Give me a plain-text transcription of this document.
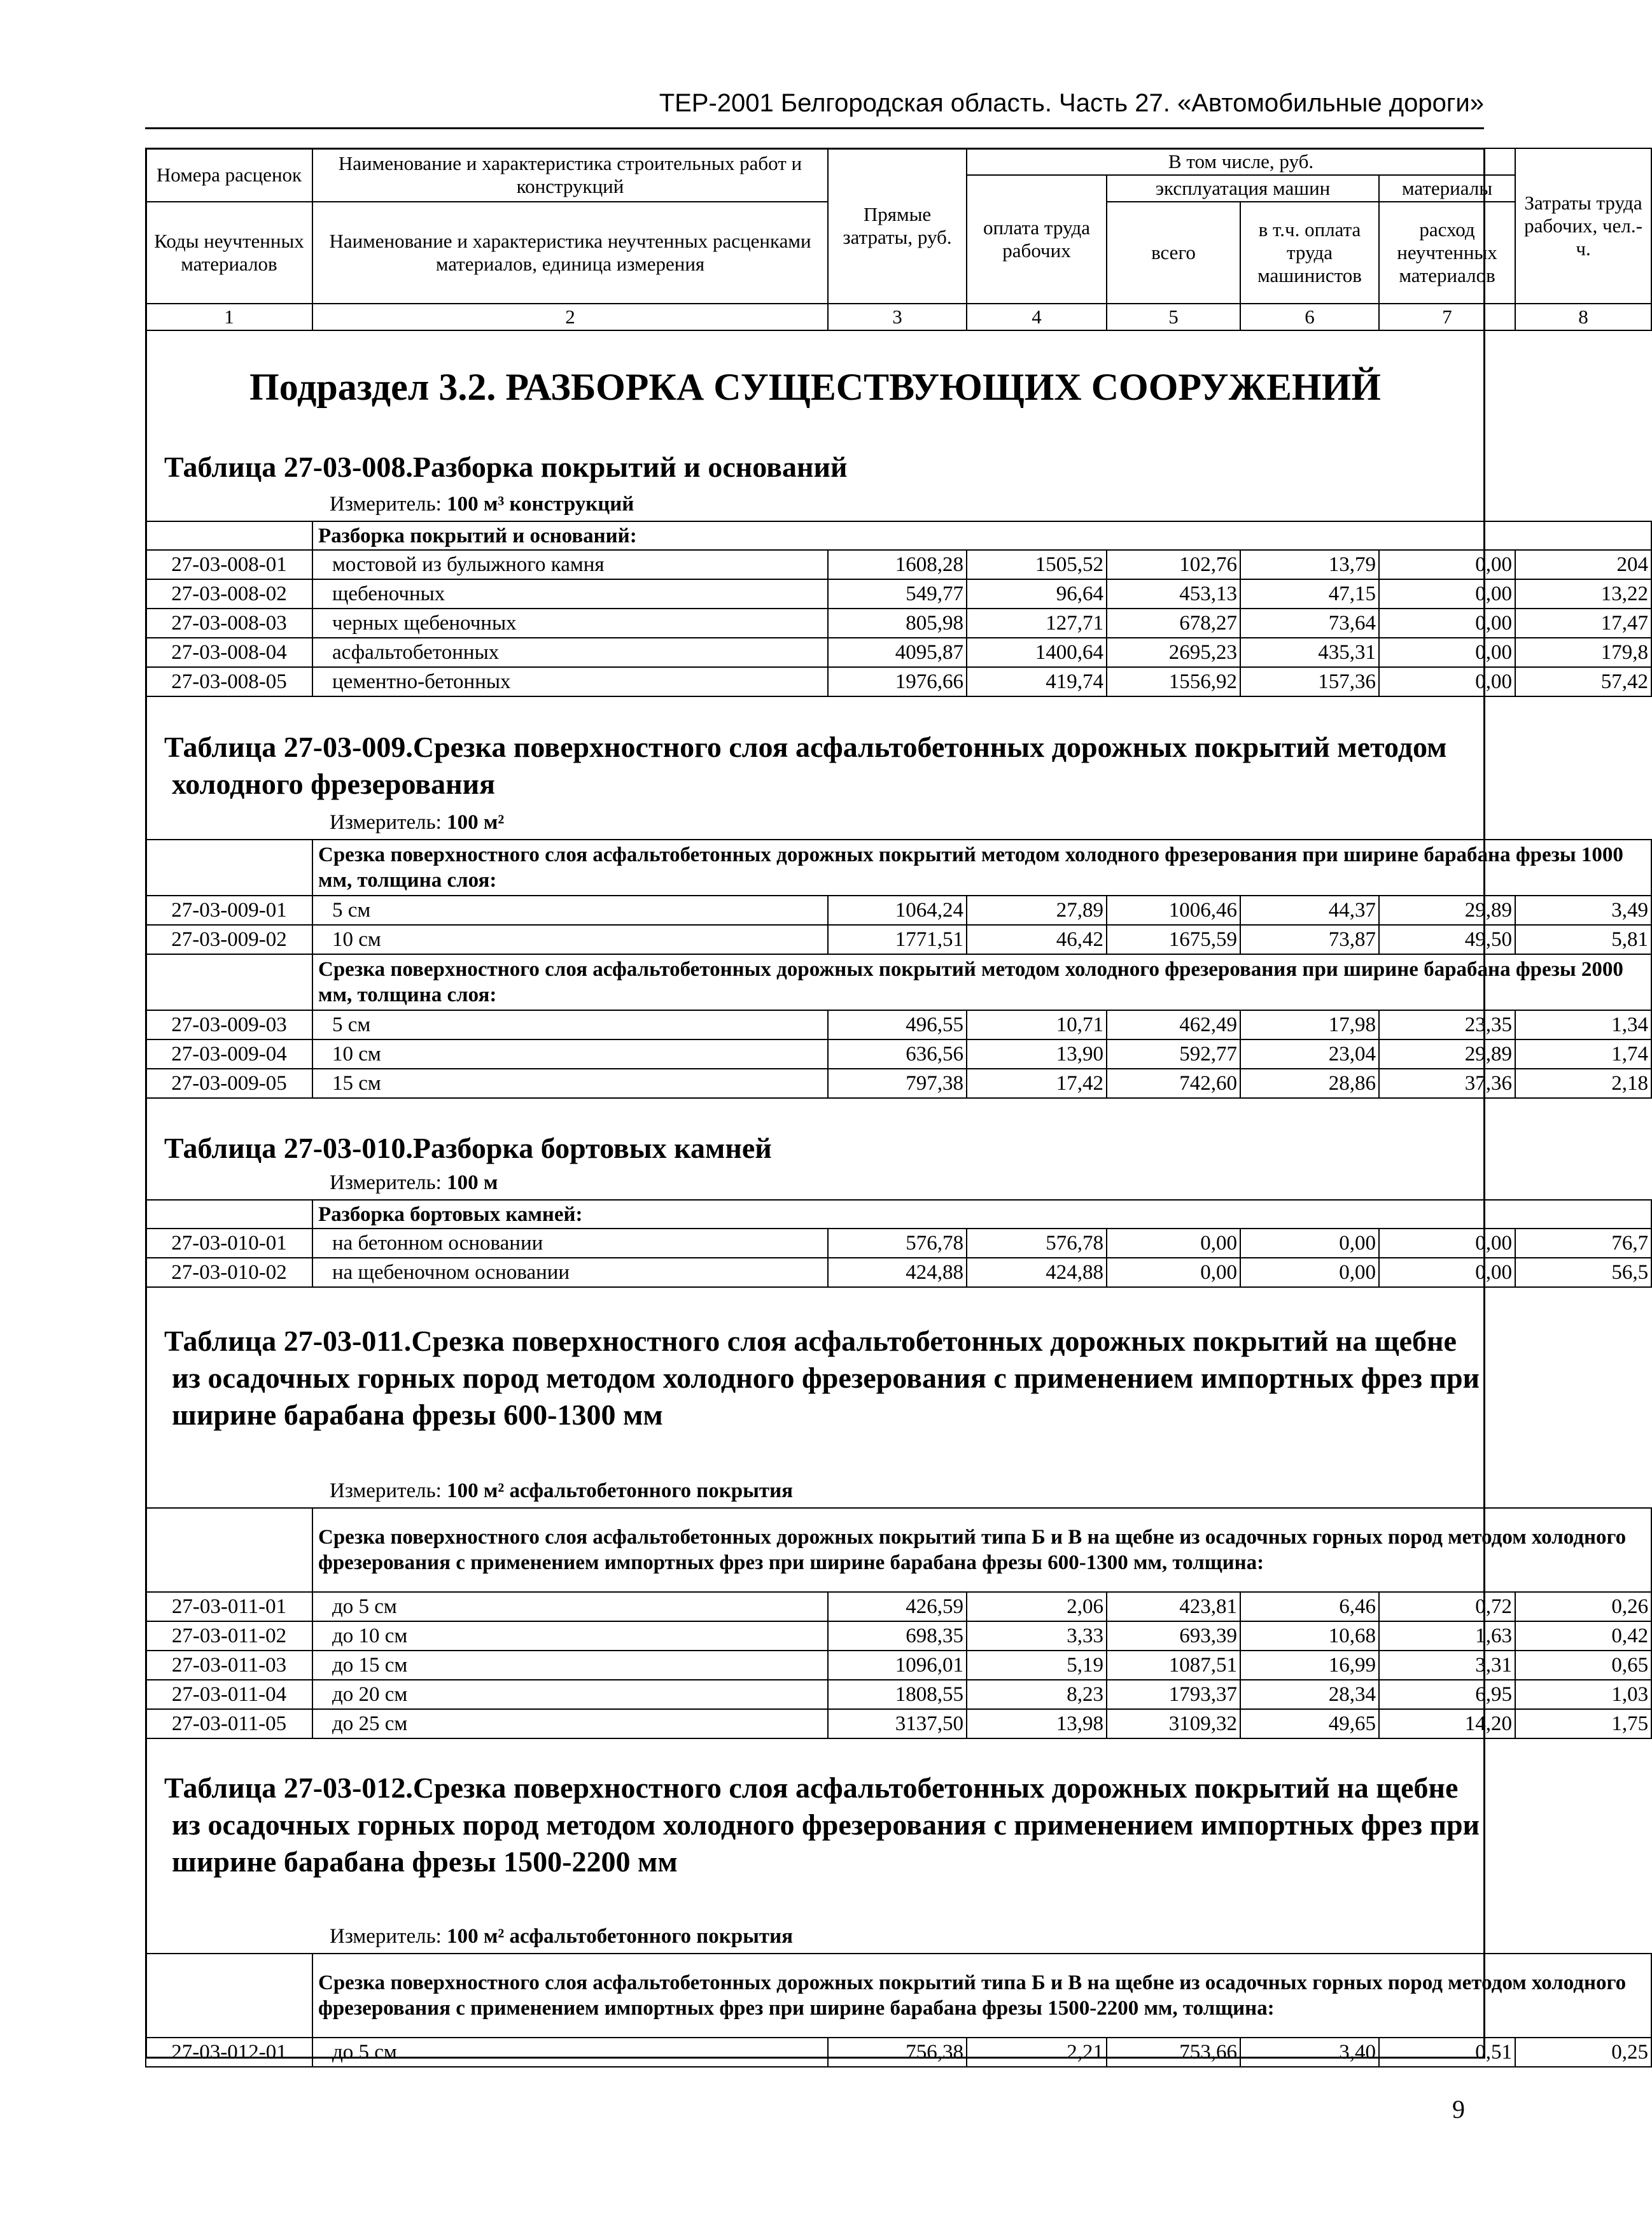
ТЕР-2001 Белгородская область. Часть 27. «Автомобильные дороги»
Номера расценок	Наименование и характеристика строительных работ и конструкций	Прямые затраты, руб.	В том числе, руб.				Затраты труда рабочих, чел.-ч.
			оплата труда рабочих	эксплуатация машин		материалы	
Коды неучтенных материалов	Наименование и характеристика неучтенных расценками материалов, единица измерения			всего	в т.ч. оплата труда машинистов	расход неучтенных материалов	

1	2	3	4	5	6	7	8
Подраздел 3.2. РАЗБОРКА СУЩЕСТВУЮЩИХ СООРУЖЕНИЙ
Таблица 27-03-008. Разборка покрытий и оснований
Измеритель: 100 м³ конструкций
	Разборка покрытий и оснований:						
27-03-008-01	мостовой из булыжного камня	1608,28	1505,52	102,76	13,79	0,00	204
27-03-008-02	щебеночных	549,77	96,64	453,13	47,15	0,00	13,22
27-03-008-03	черных щебеночных	805,98	127,71	678,27	73,64	0,00	17,47
27-03-008-04	асфальтобетонных	4095,87	1400,64	2695,23	435,31	0,00	179,8
27-03-008-05	цементно-бетонных	1976,66	419,74	1556,92	157,36	0,00	57,42
Таблица 27-03-009. Срезка поверхностного слоя асфальтобетонных дорожных покрытий методом холодного фрезерования
Измеритель: 100 м²
	Срезка поверхностного слоя асфальтобетонных дорожных покрытий методом холодного фрезерования при ширине барабана фрезы 1000 мм, толщина слоя:						
27-03-009-01	5 см	1064,24	27,89	1006,46	44,37	29,89	3,49
27-03-009-02	10 см	1771,51	46,42	1675,59	73,87	49,50	5,81
	Срезка поверхностного слоя асфальтобетонных дорожных покрытий методом холодного фрезерования при ширине барабана фрезы 2000 мм, толщина слоя:						
27-03-009-03	5 см	496,55	10,71	462,49	17,98	23,35	1,34
27-03-009-04	10 см	636,56	13,90	592,77	23,04	29,89	1,74
27-03-009-05	15 см	797,38	17,42	742,60	28,86	37,36	2,18
Таблица 27-03-010. Разборка бортовых камней
Измеритель: 100 м
	Разборка бортовых камней:						
27-03-010-01	на бетонном основании	576,78	576,78	0,00	0,00	0,00	76,7
27-03-010-02	на щебеночном основании	424,88	424,88	0,00	0,00	0,00	56,5
Таблица 27-03-011. Срезка поверхностного слоя асфальтобетонных дорожных покрытий на щебне из осадочных горных пород методом холодного фрезерования с применением импортных фрез при ширине барабана фрезы 600-1300 мм
Измеритель: 100 м² асфальтобетонного покрытия
	Срезка поверхностного слоя асфальтобетонных дорожных покрытий типа Б и В на щебне из осадочных горных пород методом холодного фрезерования с применением импортных фрез при ширине барабана фрезы 600-1300 мм, толщина:						
27-03-011-01	до 5 см	426,59	2,06	423,81	6,46	0,72	0,26
27-03-011-02	до 10 см	698,35	3,33	693,39	10,68	1,63	0,42
27-03-011-03	до 15 см	1096,01	5,19	1087,51	16,99	3,31	0,65
27-03-011-04	до 20 см	1808,55	8,23	1793,37	28,34	6,95	1,03
27-03-011-05	до 25 см	3137,50	13,98	3109,32	49,65	14,20	1,75
Таблица 27-03-012. Срезка поверхностного слоя асфальтобетонных дорожных покрытий на щебне из осадочных горных пород методом холодного фрезерования с применением импортных фрез при ширине барабана фрезы 1500-2200 мм
Измеритель: 100 м² асфальтобетонного покрытия
	Срезка поверхностного слоя асфальтобетонных дорожных покрытий типа Б и В на щебне из осадочных горных пород методом холодного фрезерования с применением импортных фрез при ширине барабана фрезы 1500-2200 мм, толщина:						
27-03-012-01	до 5 см	756,38	2,21	753,66	3,40	0,51	0,25
9
